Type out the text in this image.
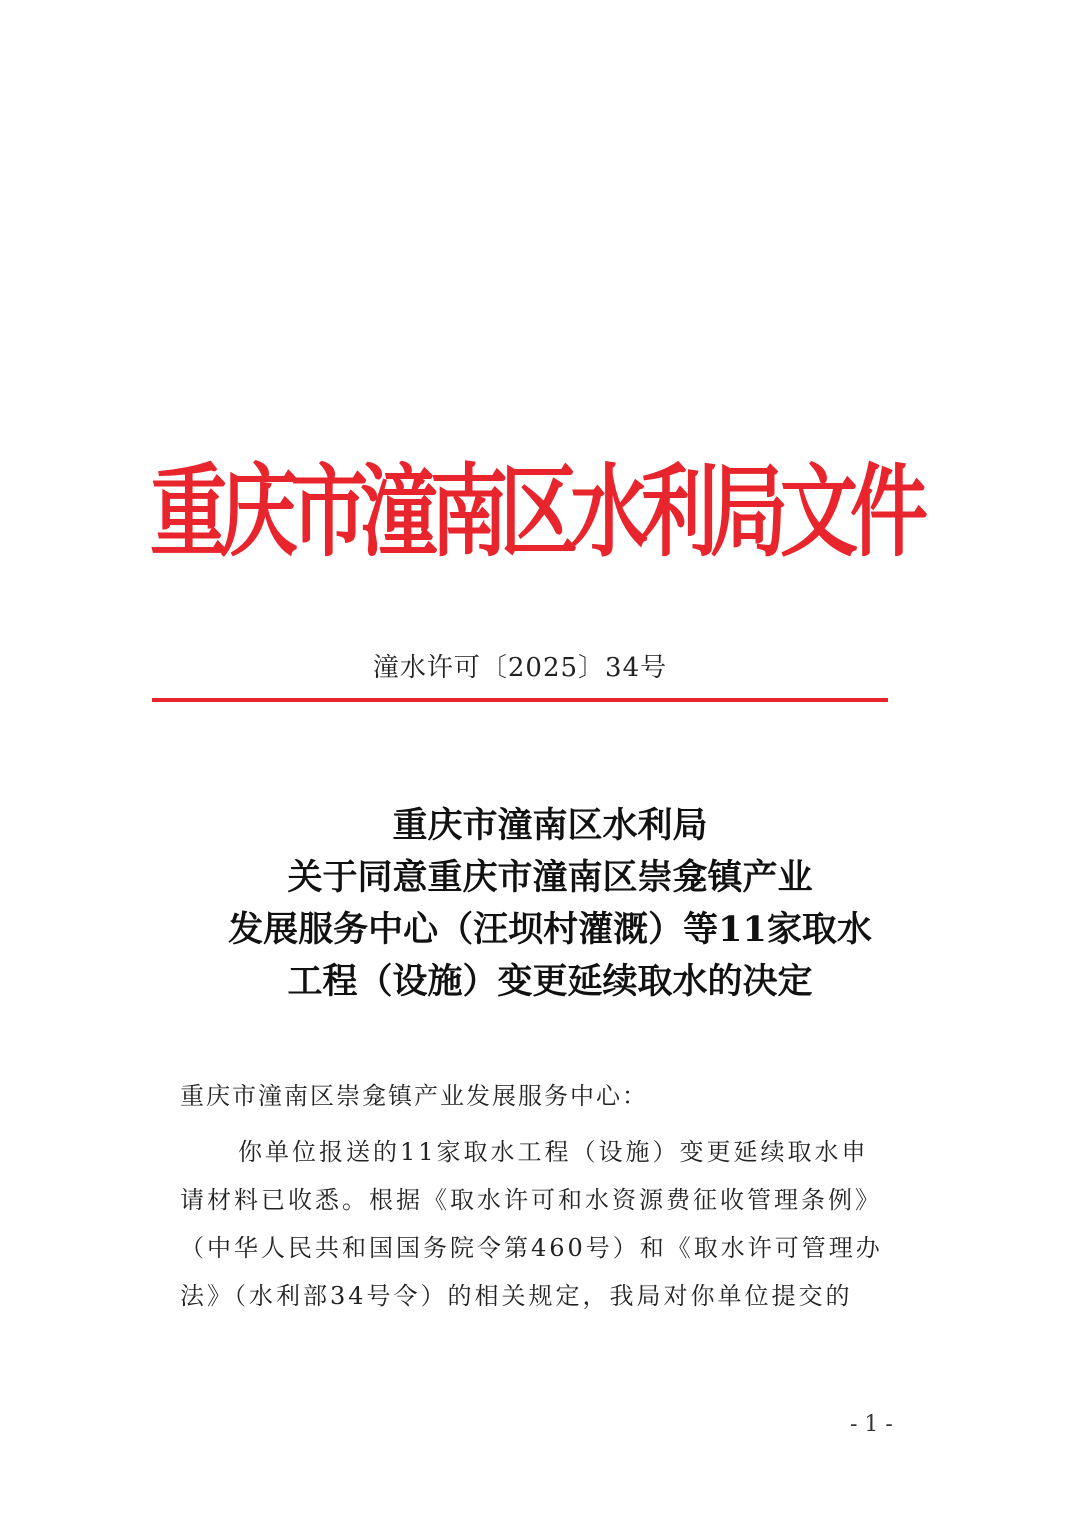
重庆市潼南区水利局文件
潼水许可〔2025〕34号
重庆市潼南区水利局
关于同意重庆市潼南区崇龛镇产业
发展服务中心（汪坝村灌溉）等11家取水
工程（设施）变更延续取水的决定
重庆市潼南区崇龛镇产业发展服务中心：
你单位报送的11家取水工程（设施）变更延续取水申
请材料已收悉。根据《取水许可和水资源费征收管理条例》
（中华人民共和国国务院令第460号）和《取水许可管理办
法》（水利部34号令）的相关规定，我局对你单位提交的
- 1 -
